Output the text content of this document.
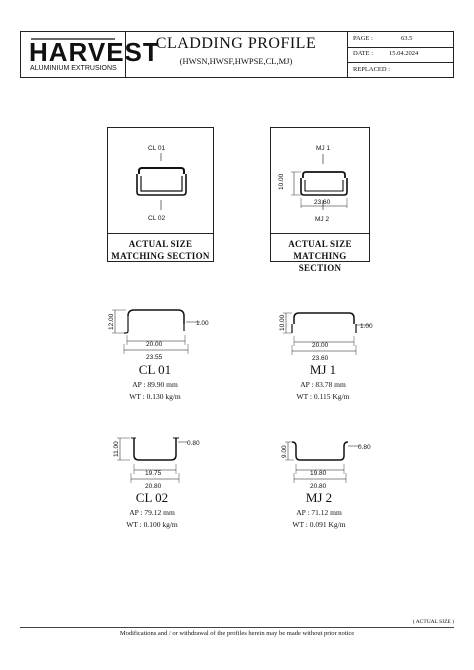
HARVEST
ALUMINIUM EXTRUSIONS
CLADDING PROFILE
(HWSN,HWSF,HWPSE,CL,MJ)
PAGE :	63.5
DATE : 15.04.2024
REPLACED :
CL 01
CL 02
ACTUAL SIZE
MATCHING SECTION
MJ 1
MJ 2
10.00
23.60
ACTUAL SIZE
MATCHING SECTION
12.00	1.00
20.00
23.55
CL 01
AP : 89.90 mm
WT : 0.130 kg/m
10.00	1.00
20.00
23.60
MJ 1
AP : 83.78 mm
WT : 0.115 Kg/m
11.00	0.80
19.75
20.80
CL 02
AP : 79.12 mm
WT : 0.100 kg/m
9.00	0.80
19.80
20.80
MJ 2
AP : 71.12 mm
WT : 0.091 Kg/m
( ACTUAL SIZE )
Modifications and / or withdrawal of the profiles herein may be made without prior notice
